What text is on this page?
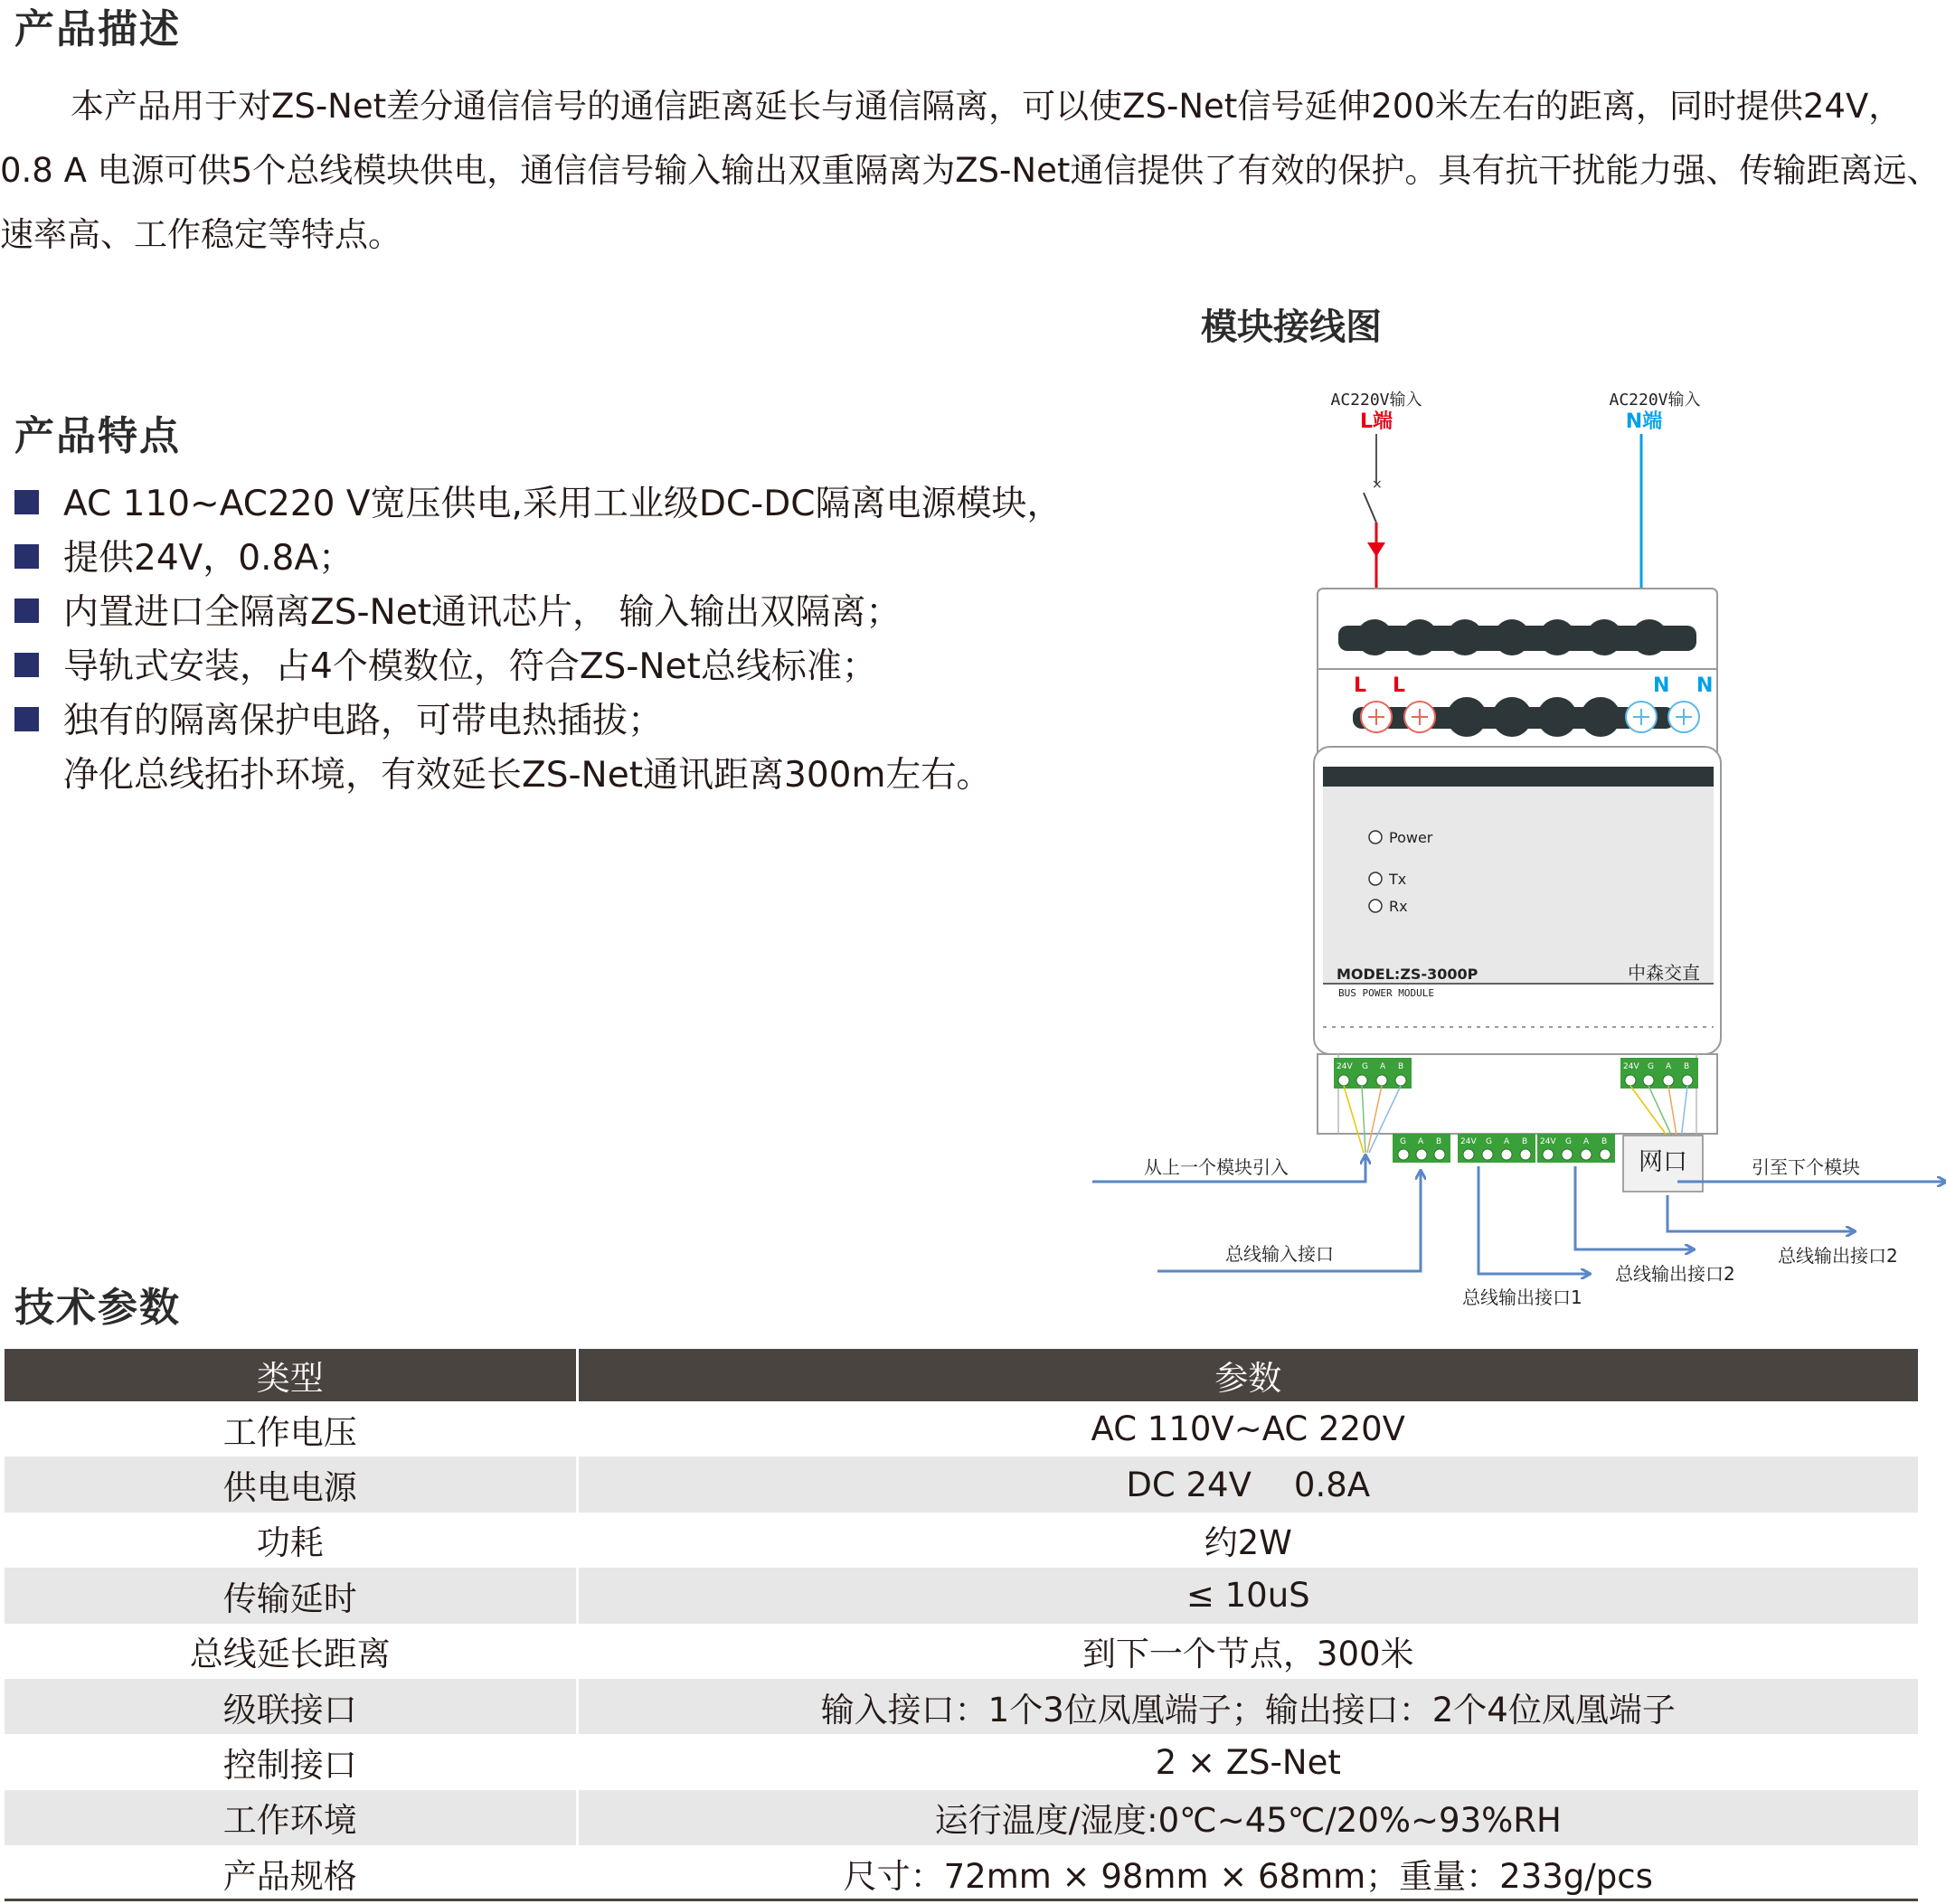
产品描述

本产品用于对ZS-Net差分通信信号的通信距离延长与通信隔离，可以使ZS-Net信号延伸200米左右的距离，同时提供24V，0.8 A 电源可供5个总线模块供电，通信信号输入输出双重隔离为ZS-Net通信提供了有效的保护。具有抗干扰能力强、传输距离远、速率高、工作稳定等特点。

产品特点
AC 110~AC220 V宽压供电,采用工业级DC-DC隔离电源模块，
提供24V，0.8A；
内置进口全隔离ZS-Net通讯芯片， 输入输出双隔离；
导轨式安装，占4个模数位，符合ZS-Net总线标准；
独有的隔离保护电路，可带电热插拔；
净化总线拓扑环境，有效延长ZS-Net通讯距离300m左右。
模块接线图
AC220V输入
L端
AC220V输入
N端
×
L L	N N
Power
Tx
Rx
MODEL:ZS-3000P	中森交直
BUS POWER MODULE
24V G A B	24V G A B
G A B 24V G A B 24V G A B
网口
从上一个模块引入	引至下个模块
总线输入接口
总线输出接口1
总线输出接口2
总线输出接口2
技术参数
类型	参数
工作电压	AC 110V~AC 220V
供电电源	DC 24V    0.8A
功耗	约2W
传输延时	≤ 10uS
总线延长距离	到下一个节点，300米
级联接口	输入接口：1个3位凤凰端子；输出接口：2个4位凤凰端子
控制接口	2 × ZS-Net
工作环境	运行温度/湿度:0℃~45℃/20%~93%RH
产品规格	尺寸：72mm × 98mm × 68mm；重量：233g/pcs
